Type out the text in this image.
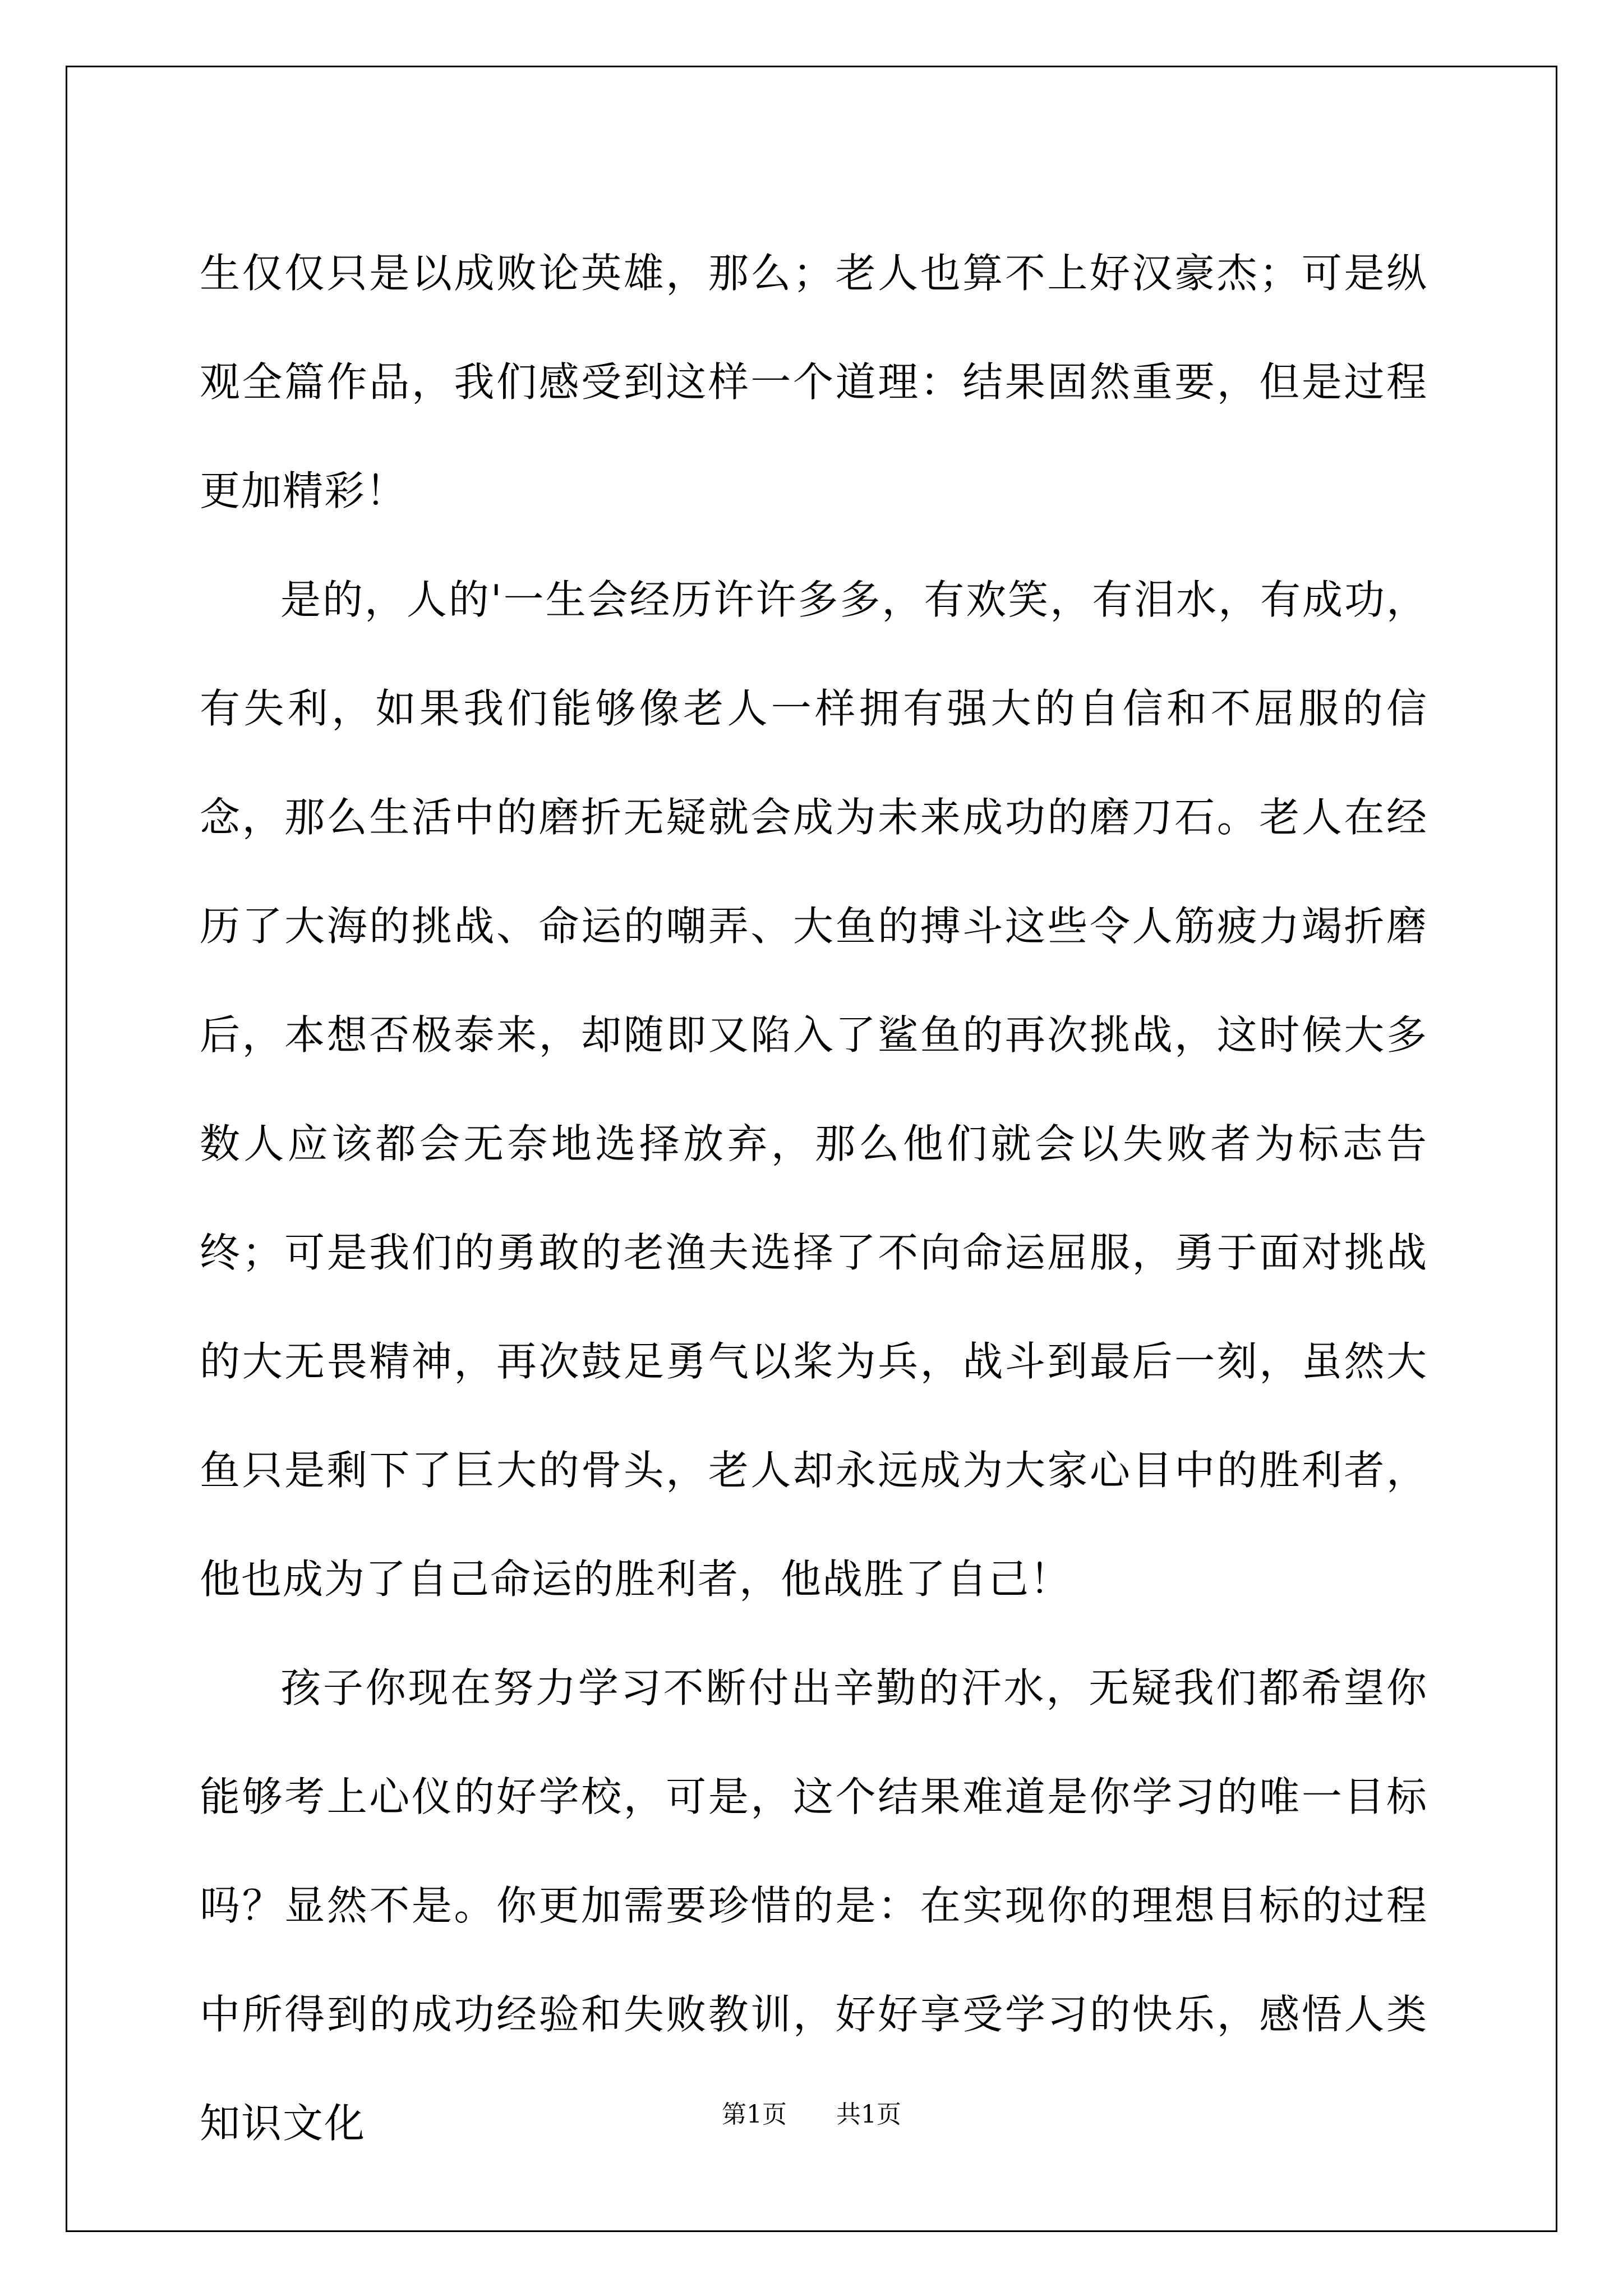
生仅仅只是以成败论英雄，那么；老人也算不上好汉豪杰；可是纵观全篇作品，我们感受到这样一个道理：结果固然重要，但是过程更加精彩！

是的，人的'一生会经历许许多多，有欢笑，有泪水，有成功，有失利，如果我们能够像老人一样拥有强大的自信和不屈服的信念，那么生活中的磨折无疑就会成为未来成功的磨刀石。老人在经历了大海的挑战、命运的嘲弄、大鱼的搏斗这些令人筋疲力竭折磨后，本想否极泰来，却随即又陷入了鲨鱼的再次挑战，这时候大多数人应该都会无奈地选择放弃，那么他们就会以失败者为标志告终；可是我们的勇敢的老渔夫选择了不向命运屈服，勇于面对挑战的大无畏精神，再次鼓足勇气以桨为兵，战斗到最后一刻，虽然大鱼只是剩下了巨大的骨头，老人却永远成为大家心目中的胜利者，他也成为了自己命运的胜利者，他战胜了自己！

孩子你现在努力学习不断付出辛勤的汗水，无疑我们都希望你能够考上心仪的好学校，可是，这个结果难道是你学习的唯一目标吗？显然不是。你更加需要珍惜的是：在实现你的理想目标的过程中所得到的成功经验和失败教训，好好享受学习的快乐，感悟人类知识文化	第1页 共1页
